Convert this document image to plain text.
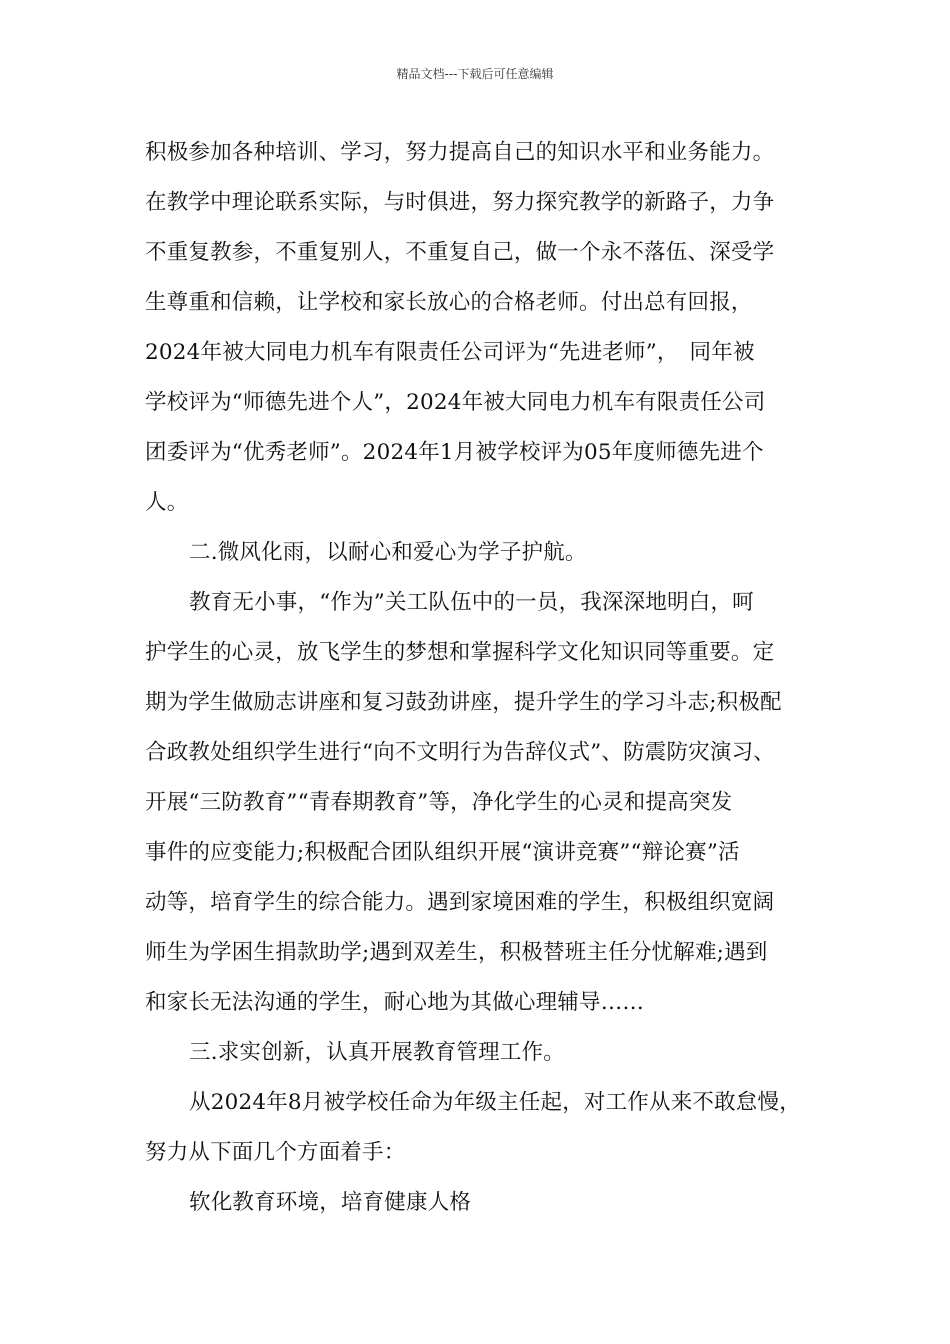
精品文档---下载后可任意编辑
积极参加各种培训、学习，努力提高自己的知识水平和业务能力。
在教学中理论联系实际，与时俱进，努力探究教学的新路子，力争
不重复教参，不重复别人，不重复自己，做一个永不落伍、深受学
生尊重和信赖，让学校和家长放心的合格老师。付出总有回报，
2024年被大同电力机车有限责任公司评为“先进老师”，　同年被
学校评为“师德先进个人”，2024年被大同电力机车有限责任公司
团委评为“优秀老师”。2024年1月被学校评为05年度师德先进个
人。
二.微风化雨，以耐心和爱心为学子护航。
教育无小事，“作为”关工队伍中的一员，我深深地明白，呵
护学生的心灵，放飞学生的梦想和掌握科学文化知识同等重要。定
期为学生做励志讲座和复习鼓劲讲座，提升学生的学习斗志;积极配
合政教处组织学生进行“向不文明行为告辞仪式”、防震防灾演习、
开展“三防教育”“青春期教育”等，净化学生的心灵和提高突发
事件的应变能力;积极配合团队组织开展“演讲竞赛”“辩论赛”活
动等，培育学生的综合能力。遇到家境困难的学生，积极组织宽阔
师生为学困生捐款助学;遇到双差生，积极替班主任分忧解难;遇到
和家长无法沟通的学生，耐心地为其做心理辅导……
三.求实创新，认真开展教育管理工作。
从2024年8月被学校任命为年级主任起，对工作从来不敢怠慢，
努力从下面几个方面着手：
软化教育环境，培育健康人格
